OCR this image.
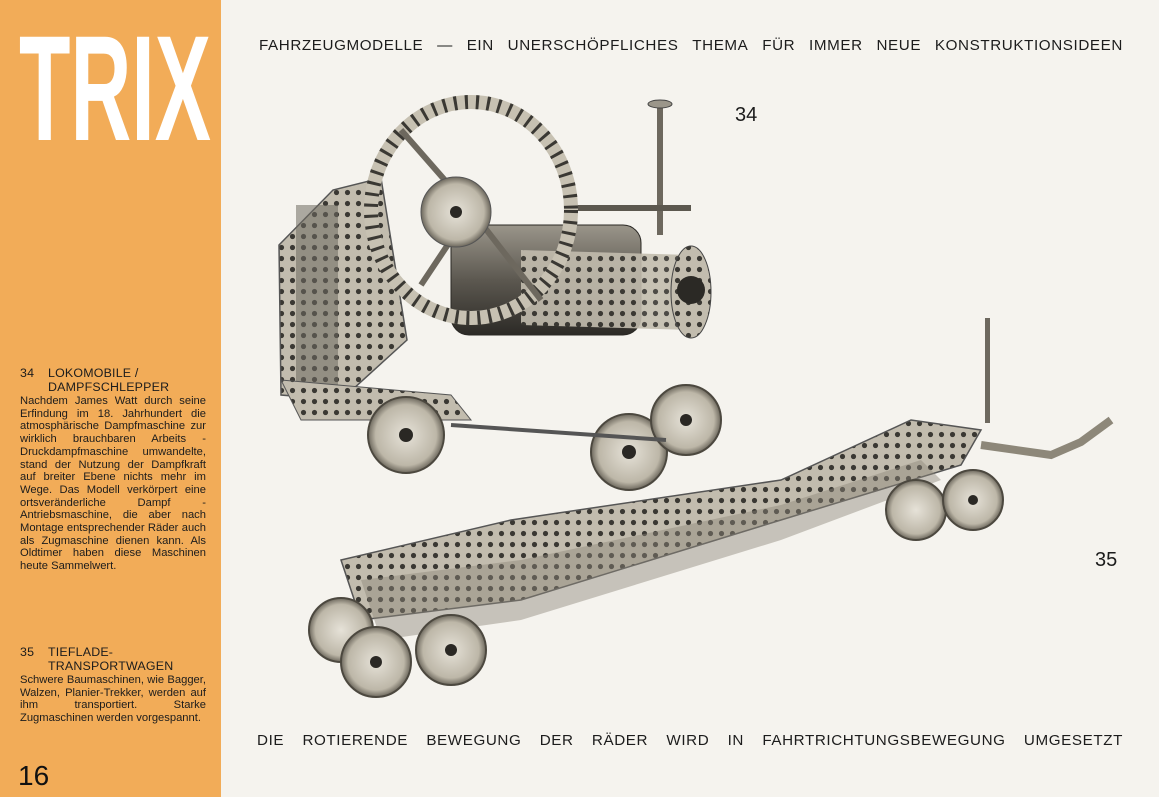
TRIX
34 LOKOMOBILE /
DAMPFSCHLEPPER
Nachdem James Watt durch seine Erfindung im 18. Jahrhundert die atmosphärische Dampfmaschine zur wirklich brauchbaren Arbeits - Druckdampfmaschine umwandelte, stand der Nutzung der Dampfkraft auf breiter Ebene nichts mehr im Wege. Das Modell verkörpert eine ortsveränderliche Dampf - Antriebsmaschine, die aber nach Montage entsprechender Räder auch als Zugmaschine dienen kann. Als Oldtimer haben diese Maschinen heute Sammelwert.
35 TIEFLADE-
TRANSPORTWAGEN
Schwere Baumaschinen, wie Bagger, Walzen, Planier-Trekker, werden auf ihm transportiert. Starke Zugmaschinen werden vorgespannt.
16
FAHRZEUGMODELLE — EIN UNERSCHÖPFLICHES THEMA FÜR IMMER NEUE KONSTRUKTIONSIDEEN
34
35
DIE ROTIERENDE BEWEGUNG DER RÄDER WIRD IN FAHRTRICHTUNGSBEWEGUNG UMGESETZT
